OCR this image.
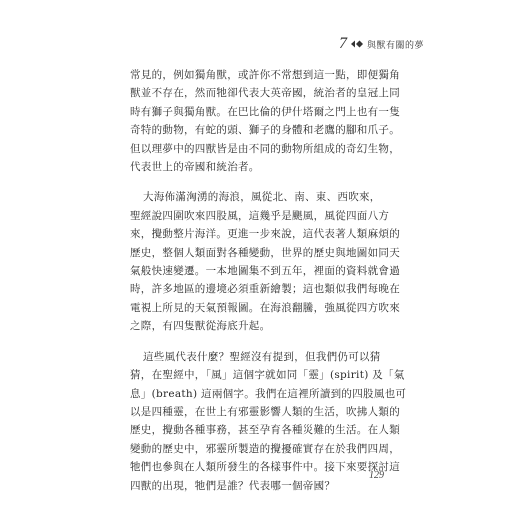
7 與獸有關的夢

常見的，例如獨角獸，或許你不常想到這一點，即便獨角
獸並不存在，然而牠卻代表大英帝國，統治者的皇冠上同
時有獅子與獨角獸。在巴比倫的伊什塔爾之門上也有一隻
奇特的動物，有蛇的頭、獅子的身體和老鷹的腳和爪子。
但以理夢中的四獸皆是由不同的動物所組成的奇幻生物，
代表世上的帝國和統治者。

大海佈滿洶湧的海浪，風從北、南、東、西吹來，
聖經說四圍吹來四股風，這幾乎是颶風，風從四面八方
來，攪動整片海洋。更進一步來說，這代表著人類麻煩的
歷史，整個人類面對各種變動，世界的歷史與地圖如同天
氣般快速變遷。一本地圖集不到五年，裡面的資料就會過
時，許多地區的邊境必須重新繪製；這也類似我們每晚在
電視上所見的天氣預報圖。在海浪翻騰，強風從四方吹來
之際，有四隻獸從海底升起。

這些風代表什麼？聖經沒有提到，但我們仍可以猜
猜，在聖經中，「風」這個字就如同「靈」(spirit) 及「氣
息」(breath) 這兩個字。我們在這裡所讀到的四股風也可
以是四種靈，在世上有邪靈影響人類的生活，吹拂人類的
歷史，攪動各種事務，甚至孕育各種災難的生活。在人類
變動的歷史中，邪靈所製造的攪擾確實存在於我們四周，
牠們也參與在人類所發生的各樣事件中。接下來要探討這
四獸的出現，牠們是誰？代表哪一個帝國？

129
